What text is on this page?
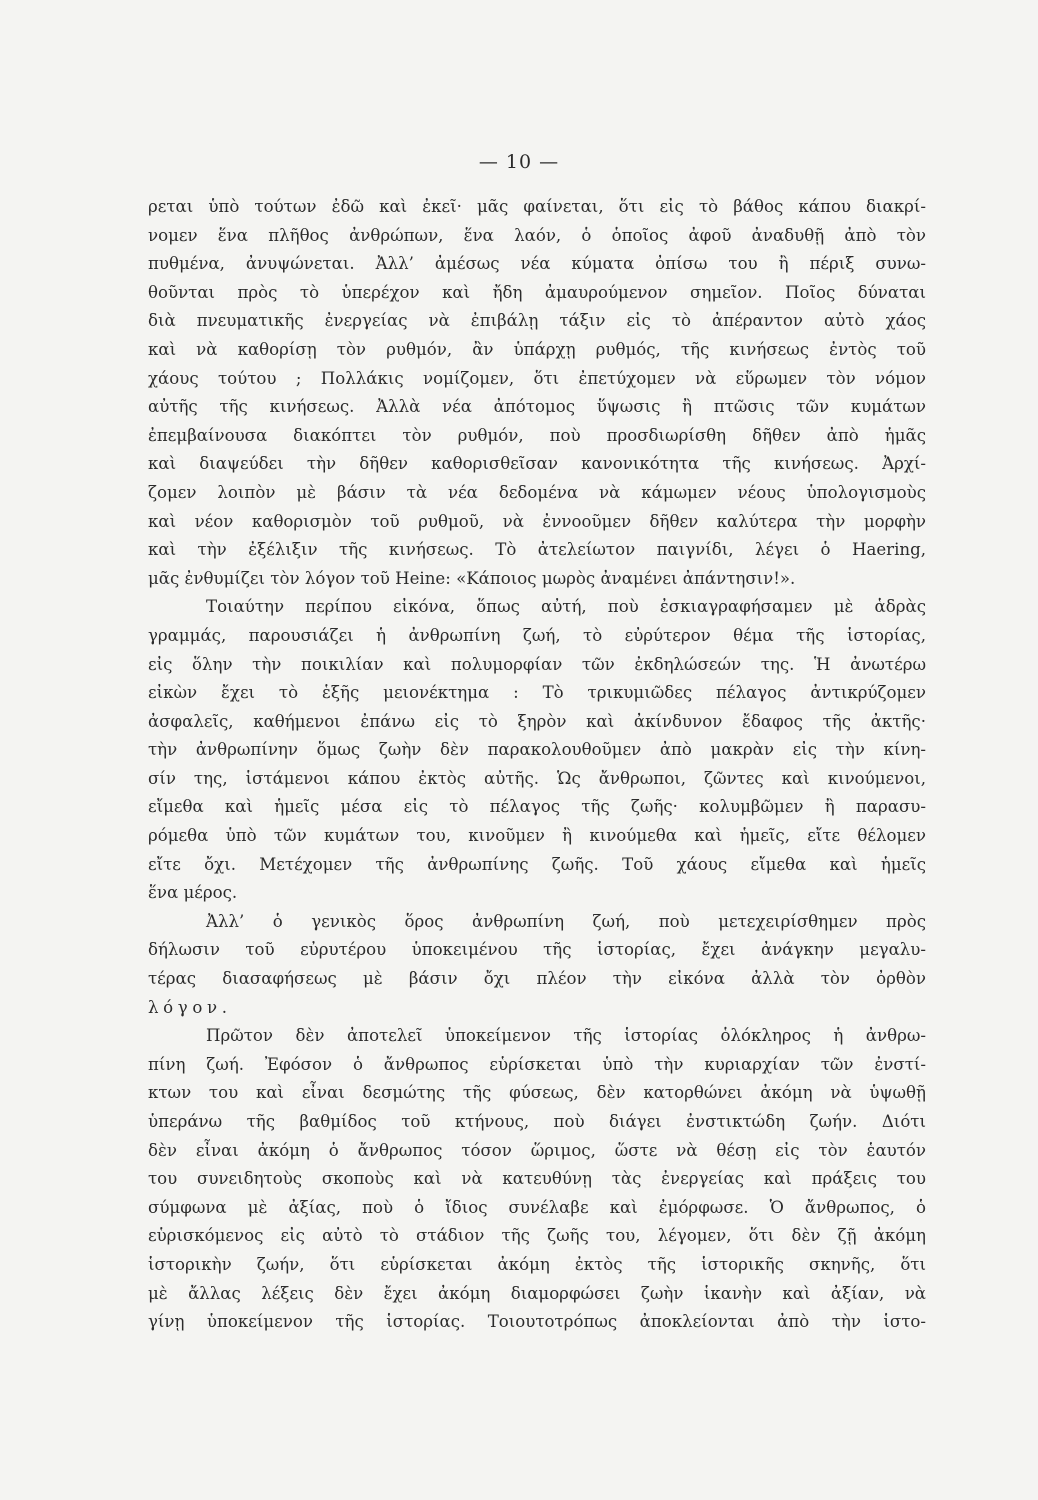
— 10 —
ρεται ὑπὸ τούτων ἐδῶ καὶ ἐκεῖ· μᾶς φαίνεται, ὅτι εἰς τὸ βάθος κάπου διακρί-
νομεν ἕνα πλῆθος ἀνθρώπων, ἕνα λαόν, ὁ ὁποῖος ἀφοῦ ἀναδυθῇ ἀπὸ τὸν
πυθμένα, ἀνυψώνεται. Ἀλλ’ ἀμέσως νέα κύματα ὀπίσω του ἢ πέριξ συνω-
θοῦνται πρὸς τὸ ὑπερέχον καὶ ἤδη ἀμαυρούμενον σημεῖον. Ποῖος δύναται
διὰ πνευματικῆς ἐνεργείας νὰ ἐπιβάλῃ τάξιν εἰς τὸ ἀπέραντον αὐτὸ χάος
καὶ νὰ καθορίσῃ τὸν ρυθμόν, ἂν ὑπάρχῃ ρυθμός, τῆς κινήσεως ἐντὸς τοῦ
χάους τούτου ; Πολλάκις νομίζομεν, ὅτι ἐπετύχομεν νὰ εὕρωμεν τὸν νόμον
αὐτῆς τῆς κινήσεως. Ἀλλὰ νέα ἀπότομος ὕψωσις ἢ πτῶσις τῶν κυμάτων
ἐπεμβαίνουσα διακόπτει τὸν ρυθμόν, ποὺ προσδιωρίσθη δῆθεν ἀπὸ ἡμᾶς
καὶ διαψεύδει τὴν δῆθεν καθορισθεῖσαν κανονικότητα τῆς κινήσεως. Ἀρχί-
ζομεν λοιπὸν μὲ βάσιν τὰ νέα δεδομένα νὰ κάμωμεν νέους ὑπολογισμοὺς
καὶ νέον καθορισμὸν τοῦ ρυθμοῦ, νὰ ἐννοοῦμεν δῆθεν καλύτερα τὴν μορφὴν
καὶ τὴν ἐξέλιξιν τῆς κινήσεως. Τὸ ἀτελείωτον παιγνίδι, λέγει ὁ Haering,
μᾶς ἐνθυμίζει τὸν λόγον τοῦ Heine: «Κάποιος μωρὸς ἀναμένει ἀπάντησιν!».
Τοιαύτην περίπου εἰκόνα, ὅπως αὐτή, ποὺ ἐσκιαγραφήσαμεν μὲ ἁδρὰς
γραμμάς, παρουσιάζει ἡ ἀνθρωπίνη ζωή, τὸ εὐρύτερον θέμα τῆς ἱστορίας,
εἰς ὅλην τὴν ποικιλίαν καὶ πολυμορφίαν τῶν ἐκδηλώσεών της. Ἡ ἀνωτέρω
εἰκὼν ἔχει τὸ ἑξῆς μειονέκτημα : Τὸ τρικυμιῶδες πέλαγος ἀντικρύζομεν
ἀσφαλεῖς, καθήμενοι ἐπάνω εἰς τὸ ξηρὸν καὶ ἀκίνδυνον ἔδαφος τῆς ἀκτῆς·
τὴν ἀνθρωπίνην ὅμως ζωὴν δὲν παρακολουθοῦμεν ἀπὸ μακρὰν εἰς τὴν κίνη-
σίν της, ἱστάμενοι κάπου ἐκτὸς αὐτῆς. Ὡς ἄνθρωποι, ζῶντες καὶ κινούμενοι,
εἴμεθα καὶ ἡμεῖς μέσα εἰς τὸ πέλαγος τῆς ζωῆς· κολυμβῶμεν ἢ παρασυ-
ρόμεθα ὑπὸ τῶν κυμάτων του, κινοῦμεν ἢ κινούμεθα καὶ ἡμεῖς, εἴτε θέλομεν
εἴτε ὄχι. Μετέχομεν τῆς ἀνθρωπίνης ζωῆς. Τοῦ χάους εἴμεθα καὶ ἡμεῖς
ἕνα μέρος.
Ἀλλ’ ὁ γενικὸς ὅρος ἀνθρωπίνη ζωή, ποὺ μετεχειρίσθημεν πρὸς
δήλωσιν τοῦ εὐρυτέρου ὑποκειμένου τῆς ἱστορίας, ἔχει ἀνάγκην μεγαλυ-
τέρας διασαφήσεως μὲ βάσιν ὄχι πλέον τὴν εἰκόνα ἀλλὰ τὸν ὀρθὸν
λόγον.
Πρῶτον δὲν ἀποτελεῖ ὑποκείμενον τῆς ἱστορίας ὁλόκληρος ἡ ἀνθρω-
πίνη ζωή. Ἐφόσον ὁ ἄνθρωπος εὑρίσκεται ὑπὸ τὴν κυριαρχίαν τῶν ἐνστί-
κτων του καὶ εἶναι δεσμώτης τῆς φύσεως, δὲν κατορθώνει ἀκόμη νὰ ὑψωθῇ
ὑπεράνω τῆς βαθμίδος τοῦ κτήνους, ποὺ διάγει ἐνστικτώδη ζωήν. Διότι
δὲν εἶναι ἀκόμη ὁ ἄνθρωπος τόσον ὥριμος, ὥστε νὰ θέσῃ εἰς τὸν ἑαυτόν
του συνειδητοὺς σκοποὺς καὶ νὰ κατευθύνῃ τὰς ἐνεργείας καὶ πράξεις του
σύμφωνα μὲ ἀξίας, ποὺ ὁ ἴδιος συνέλαβε καὶ ἐμόρφωσε. Ὁ ἄνθρωπος, ὁ
εὑρισκόμενος εἰς αὐτὸ τὸ στάδιον τῆς ζωῆς του, λέγομεν, ὅτι δὲν ζῇ ἀκόμη
ἱστορικὴν ζωήν, ὅτι εὑρίσκεται ἀκόμη ἐκτὸς τῆς ἱστορικῆς σκηνῆς, ὅτι
μὲ ἄλλας λέξεις δὲν ἔχει ἀκόμη διαμορφώσει ζωὴν ἱκανὴν καὶ ἀξίαν, νὰ
γίνῃ ὑποκείμενον τῆς ἱστορίας. Τοιουτοτρόπως ἀποκλείονται ἀπὸ τὴν ἱστο-
